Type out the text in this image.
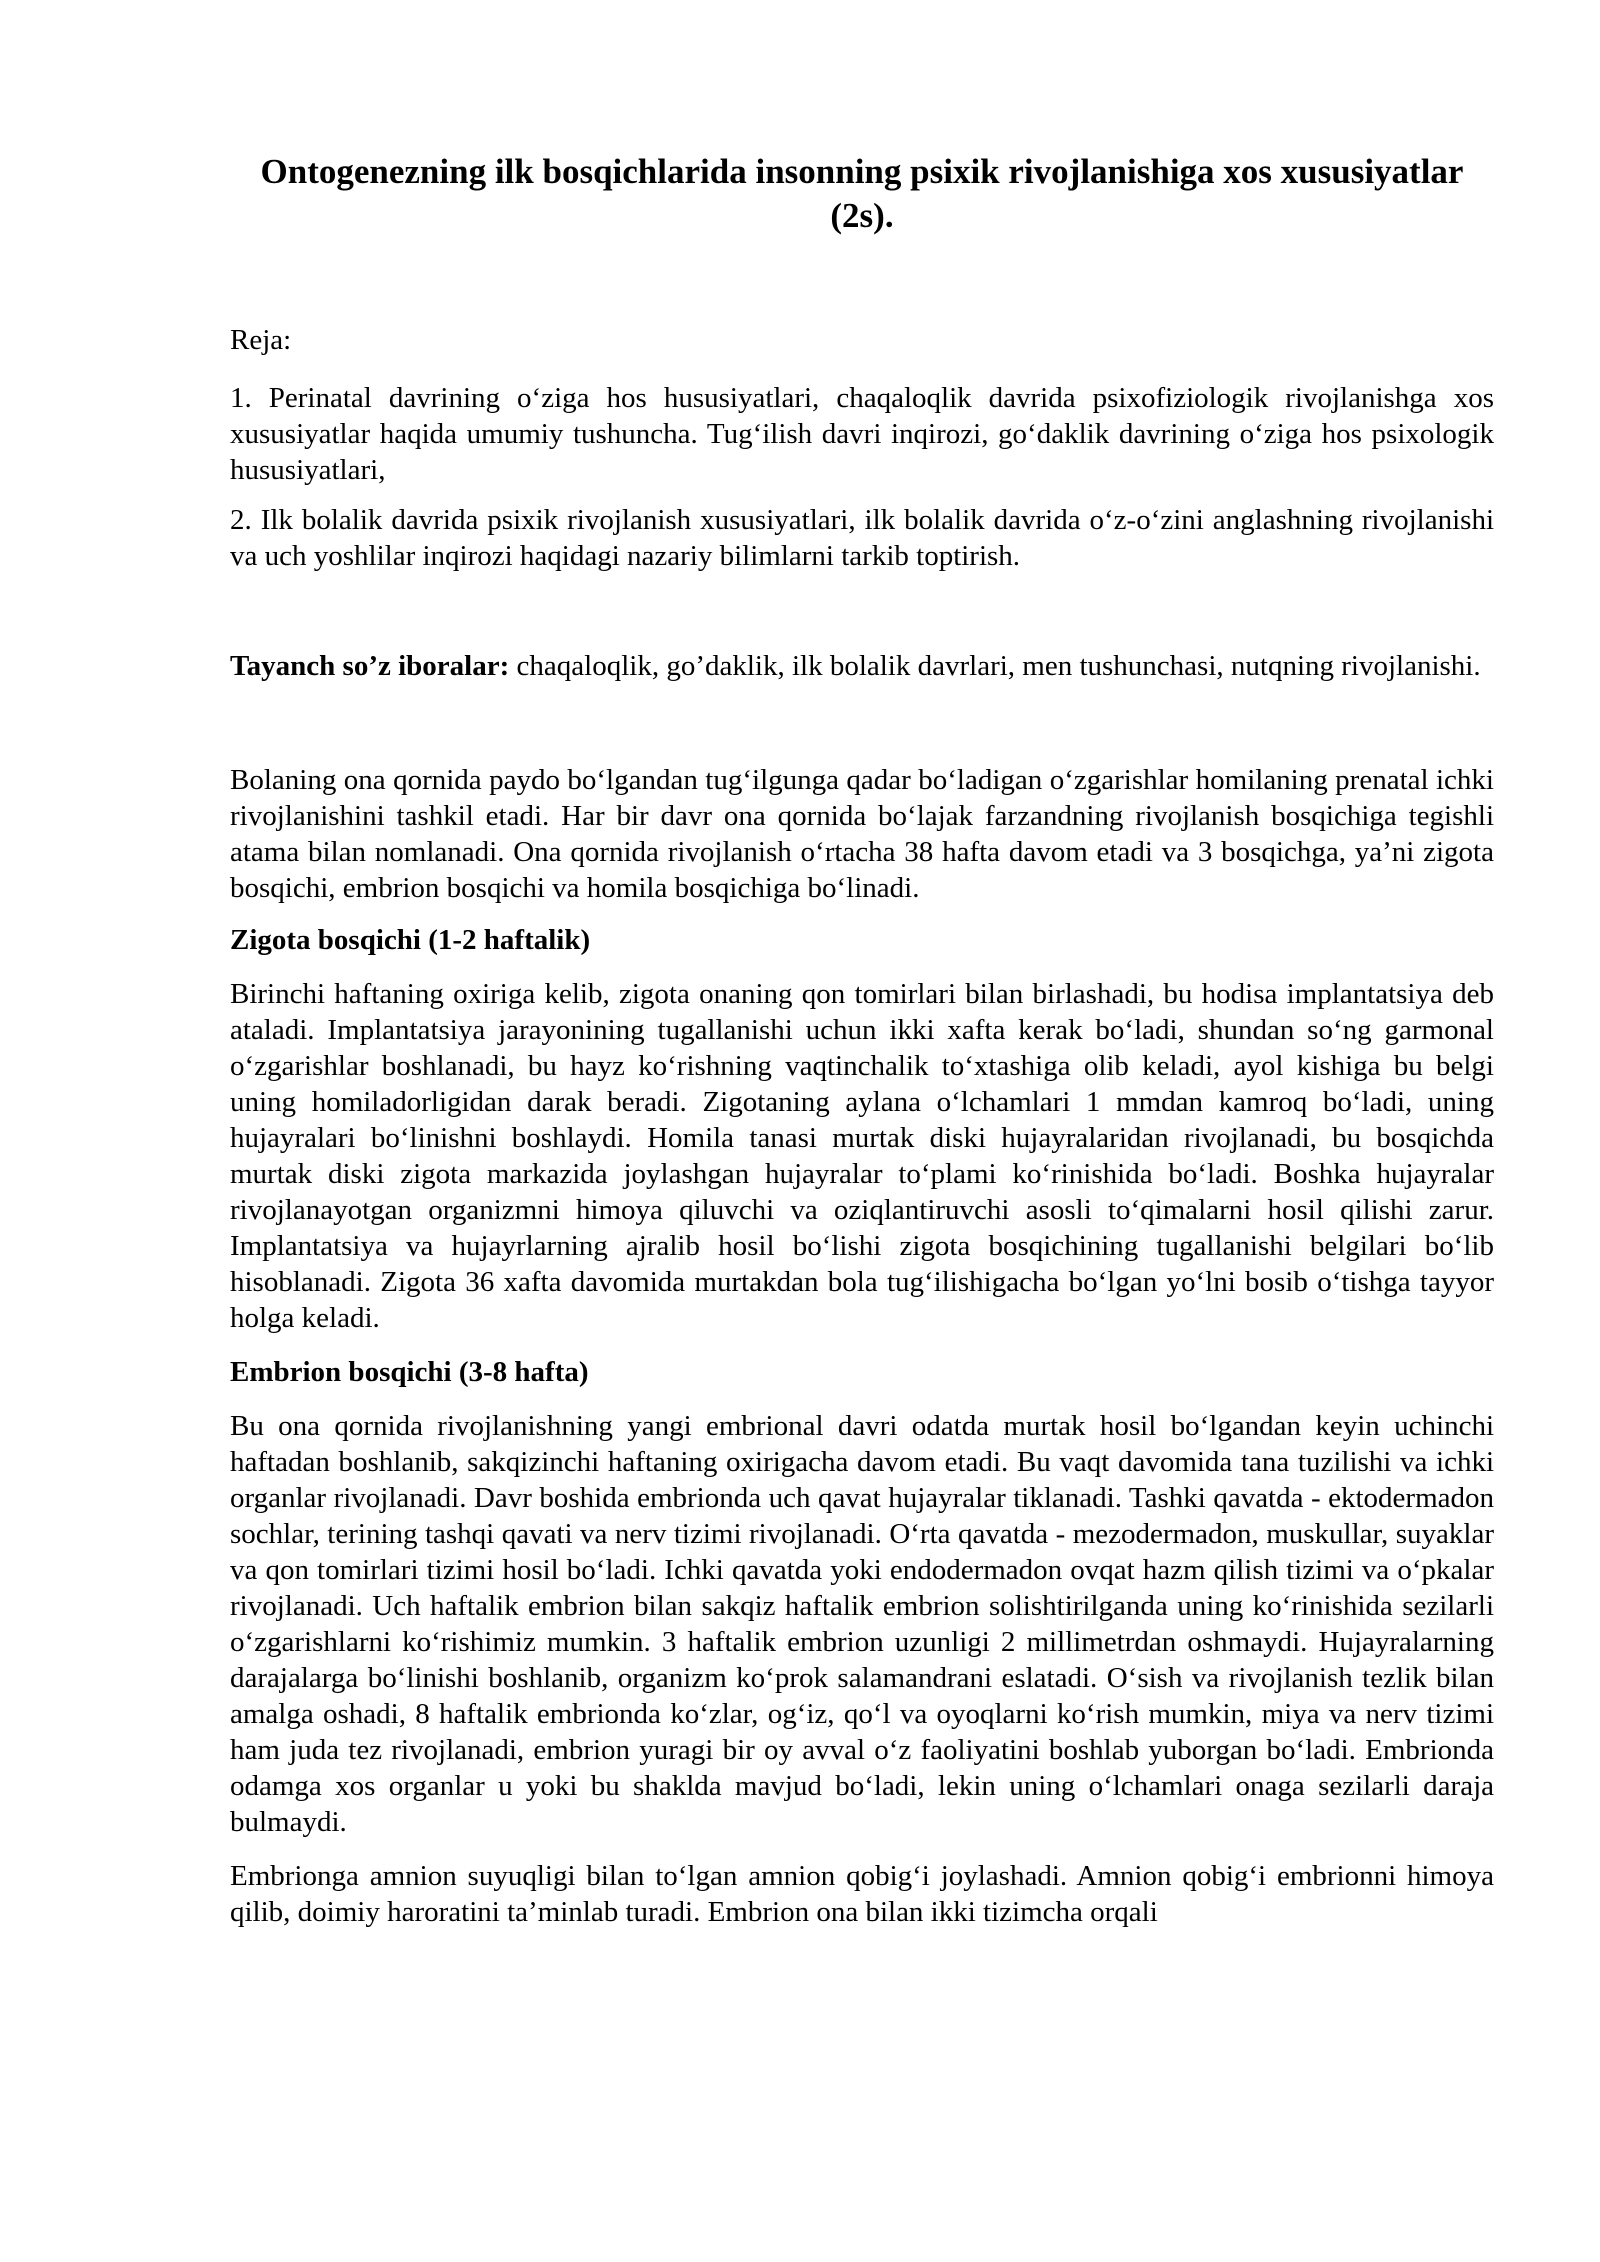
Ontogenezning ilk bosqichlarida insonning psixik rivojlanishiga xos xususiyatlar (2s).
Reja:

1. Perinatal davrining o‘ziga hos hususiyatlari, chaqaloqlik davrida psixofiziologik rivojlanishga xos xususiyatlar haqida umumiy tushuncha. Tug‘ilish davri inqirozi, go‘daklik davrining o‘ziga hos psixologik hususiyatlari,

2. Ilk bolalik davrida psixik rivojlanish xususiyatlari, ilk bolalik davrida o‘z-o‘zini anglashning rivojlanishi va uch yoshlilar inqirozi haqidagi nazariy bilimlarni tarkib toptirish.

Tayanch so’z iboralar: chaqaloqlik, go’daklik, ilk bolalik davrlari, men tushunchasi, nutqning rivojlanishi.

Bolaning ona qornida paydo bo‘lgandan tug‘ilgunga qadar bo‘ladigan o‘zgarishlar homilaning prenatal ichki rivojlanishini tashkil etadi. Har bir davr ona qornida bo‘lajak farzandning rivojlanish bosqichiga tegishli atama bilan nomlanadi. Ona qornida rivojlanish o‘rtacha 38 hafta davom etadi va 3 bosqichga, ya’ni zigota bosqichi, embrion bosqichi va homila bosqichiga bo‘linadi.

Zigota bosqichi (1-2 haftalik)

Birinchi haftaning oxiriga kelib, zigota onaning qon tomirlari bilan birlashadi, bu hodisa implantatsiya deb ataladi. Implantatsiya jarayonining tugallanishi uchun ikki xafta kerak bo‘ladi, shundan so‘ng garmonal o‘zgarishlar boshlanadi, bu hayz ko‘rishning vaqtinchalik to‘xtashiga olib keladi, ayol kishiga bu belgi uning homiladorligidan darak beradi. Zigotaning aylana o‘lchamlari 1 mmdan kamroq bo‘ladi, uning hujayralari bo‘linishni boshlaydi. Homila tanasi murtak diski hujayralaridan rivojlanadi, bu bosqichda murtak diski zigota markazida joylashgan hujayralar to‘plami ko‘rinishida bo‘ladi. Boshka hujayralar rivojlanayotgan organizmni himoya qiluvchi va oziqlantiruvchi asosli to‘qimalarni hosil qilishi zarur. Implantatsiya va hujayrlarning ajralib hosil bo‘lishi zigota bosqichining tugallanishi belgilari bo‘lib hisoblanadi. Zigota 36 xafta davomida murtakdan bola tug‘ilishigacha bo‘lgan yo‘lni bosib o‘tishga tayyor holga keladi.

Embrion bosqichi (3-8 hafta)

Bu ona qornida rivojlanishning yangi embrional davri odatda murtak hosil bo‘lgandan keyin uchinchi haftadan boshlanib, sakqizinchi haftaning oxirigacha davom etadi. Bu vaqt davomida tana tuzilishi va ichki organlar rivojlanadi. Davr boshida embrionda uch qavat hujayralar tiklanadi. Tashki qavatda - ektodermadon sochlar, terining tashqi qavati va nerv tizimi rivojlanadi. O‘rta qavatda - mezodermadon, muskullar, suyaklar va qon tomirlari tizimi hosil bo‘ladi. Ichki qavatda yoki endodermadon ovqat hazm qilish tizimi va o‘pkalar rivojlanadi. Uch haftalik embrion bilan sakqiz haftalik embrion solishtirilganda uning ko‘rinishida sezilarli o‘zgarishlarni ko‘rishimiz mumkin. 3 haftalik embrion uzunligi 2 millimetrdan oshmaydi. Hujayralarning darajalarga bo‘linishi boshlanib, organizm ko‘prok salamandrani eslatadi. O‘sish va rivojlanish tezlik bilan amalga oshadi, 8 haftalik embrionda ko‘zlar, og‘iz, qo‘l va oyoqlarni ko‘rish mumkin, miya va nerv tizimi ham juda tez rivojlanadi, embrion yuragi bir oy avval o‘z faoliyatini boshlab yuborgan bo‘ladi. Embrionda odamga xos organlar u yoki bu shaklda mavjud bo‘ladi, lekin uning o‘lchamlari onaga sezilarli daraja bulmaydi.

Embrionga amnion suyuqligi bilan to‘lgan amnion qobig‘i joylashadi. Amnion qobig‘i embrionni himoya qilib, doimiy haroratini ta’minlab turadi. Embrion ona bilan ikki tizimcha orqali
